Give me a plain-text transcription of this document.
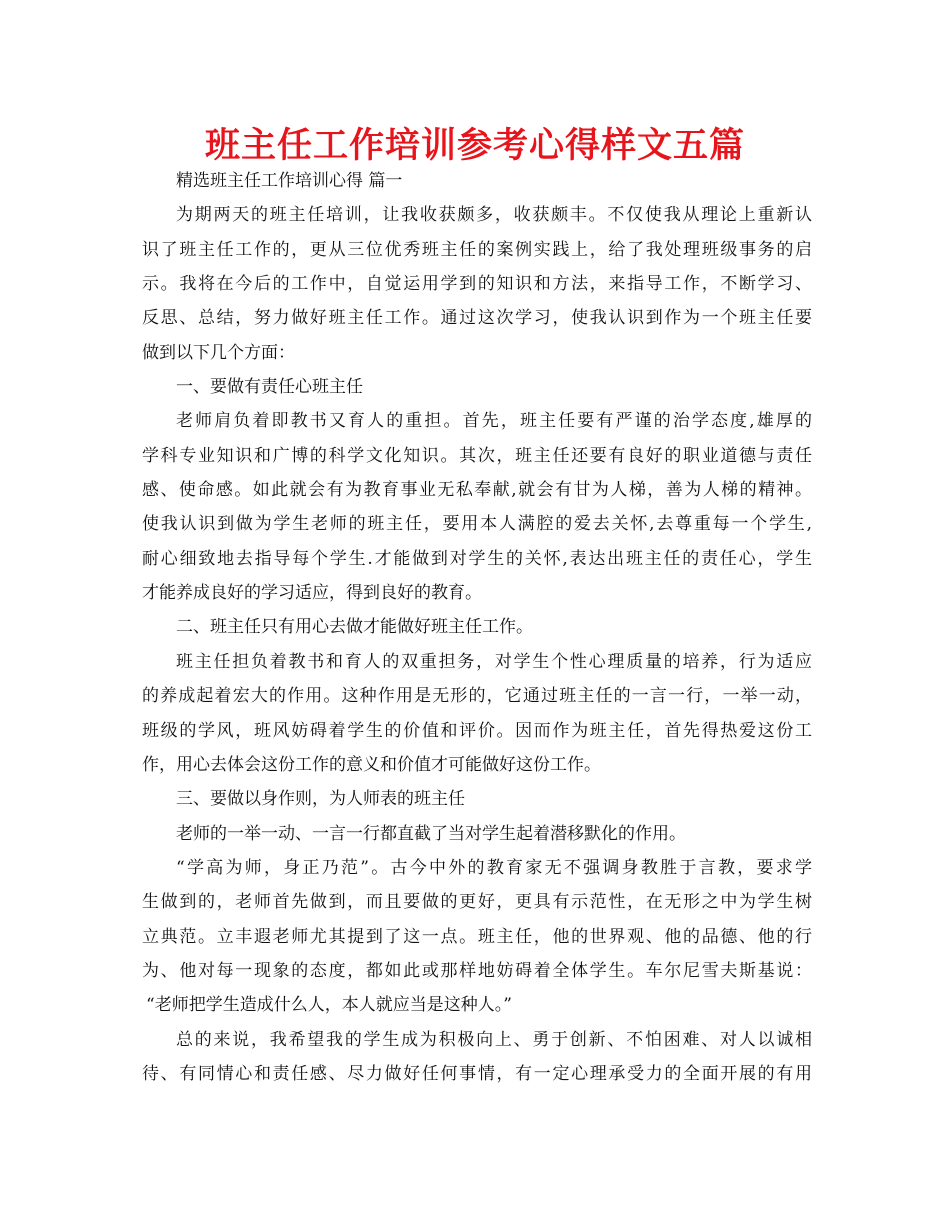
班主任工作培训参考心得样文五篇
精选班主任工作培训心得 篇一
为期两天的班主任培训，让我收获颇多，收获颇丰。不仅使我从理论上重新认
识了班主任工作的，更从三位优秀班主任的案例实践上，给了我处理班级事务的启
示。我将在今后的工作中，自觉运用学到的知识和方法，来指导工作，不断学习、
反思、总结，努力做好班主任工作。通过这次学习，使我认识到作为一个班主任要
做到以下几个方面：
一、要做有责任心班主任
老师肩负着即教书又育人的重担。首先，班主任要有严谨的治学态度,雄厚的
学科专业知识和广博的科学文化知识。其次，班主任还要有良好的职业道德与责任
感、使命感。如此就会有为教育事业无私奉献,就会有甘为人梯，善为人梯的精神。
使我认识到做为学生老师的班主任，要用本人满腔的爱去关怀,去尊重每一个学生,
耐心细致地去指导每个学生.才能做到对学生的关怀,表达出班主任的责任心，学生
才能养成良好的学习适应，得到良好的教育。
二、班主任只有用心去做才能做好班主任工作。
班主任担负着教书和育人的双重担务，对学生个性心理质量的培养，行为适应
的养成起着宏大的作用。这种作用是无形的，它通过班主任的一言一行，一举一动，
班级的学风，班风妨碍着学生的价值和评价。因而作为班主任，首先得热爱这份工
作，用心去体会这份工作的意义和价值才可能做好这份工作。
三、要做以身作则，为人师表的班主任
老师的一举一动、一言一行都直截了当对学生起着潜移默化的作用。
“学高为师，身正乃范”。古今中外的教育家无不强调身教胜于言教，要求学
生做到的，老师首先做到，而且要做的更好，更具有示范性，在无形之中为学生树
立典范。立丰遐老师尤其提到了这一点。班主任，他的世界观、他的品德、他的行
为、他对每一现象的态度，都如此或那样地妨碍着全体学生。车尔尼雪夫斯基说：
“老师把学生造成什么人，本人就应当是这种人。”
总的来说，我希望我的学生成为积极向上、勇于创新、不怕困难、对人以诚相
待、有同情心和责任感、尽力做好任何事情，有一定心理承受力的全面开展的有用
